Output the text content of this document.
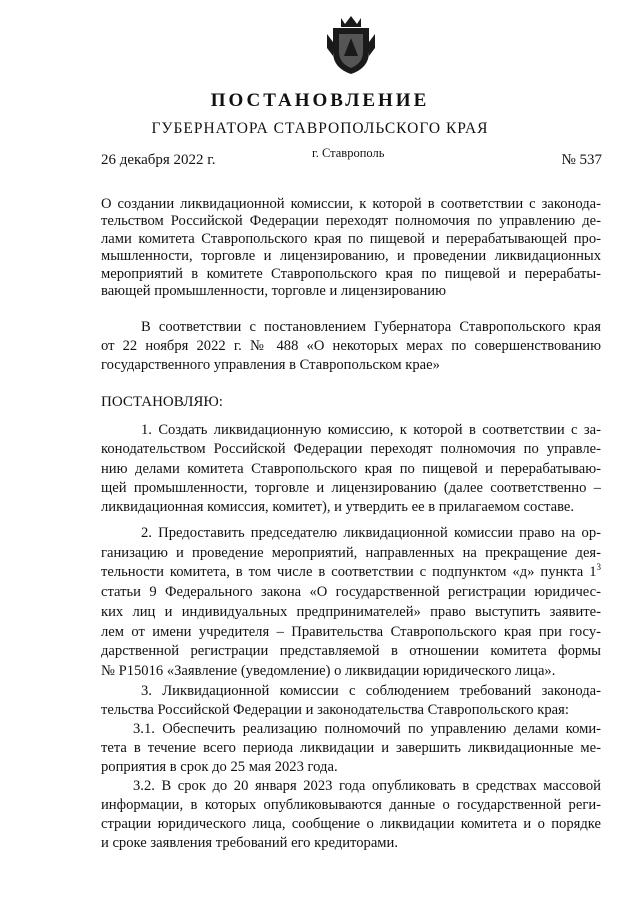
ПОСТАНОВЛЕНИЕ
ГУБЕРНАТОРА СТАВРОПОЛЬСКОГО КРАЯ
г. Ставрополь
26 декабря 2022 г.	№ 537
О создании ликвидационной комиссии, к которой в соответствии с законода-
тельством Российской Федерации переходят полномочия по управлению де-
лами комитета Ставропольского края по пищевой и перерабатывающей про-
мышленности, торговле и лицензированию, и проведении ликвидационных
мероприятий в комитете Ставропольского края по пищевой и перерабаты-
вающей промышленности, торговле и лицензированию
В соответствии с постановлением Губернатора Ставропольского края
от 22 ноября 2022 г. № 488 «О некоторых мерах по совершенствованию
государственного управления в Ставропольском крае»
ПОСТАНОВЛЯЮ:
1. Создать ликвидационную комиссию, к которой в соответствии с за-
конодательством Российской Федерации переходят полномочия по управле-
нию делами комитета Ставропольского края по пищевой и перерабатываю-
щей промышленности, торговле и лицензированию (далее соответственно –
ликвидационная комиссия, комитет), и утвердить ее в прилагаемом составе.
2. Предоставить председателю ликвидационной комиссии право на ор-
ганизацию и проведение мероприятий, направленных на прекращение дея-
тельности комитета, в том числе в соответствии с подпунктом «д» пункта $1^3$
статьи 9 Федерального закона «О государственной регистрации юридичес-
ких лиц и индивидуальных предпринимателей» право выступить заявите-
лем от имени учредителя – Правительства Ставропольского края при госу-
дарственной регистрации представляемой в отношении комитета формы
№ Р15016 «Заявление (уведомление) о ликвидации юридического лица».
3. Ликвидационной комиссии с соблюдением требований законода-
тельства Российской Федерации и законодательства Ставропольского края:
3.1. Обеспечить реализацию полномочий по управлению делами коми-
тета в течение всего периода ликвидации и завершить ликвидационные ме-
роприятия в срок до 25 мая 2023 года.
3.2. В срок до 20 января 2023 года опубликовать в средствах массовой
информации, в которых опубликовываются данные о государственной реги-
страции юридического лица, сообщение о ликвидации комитета и о порядке
и сроке заявления требований его кредиторами.
